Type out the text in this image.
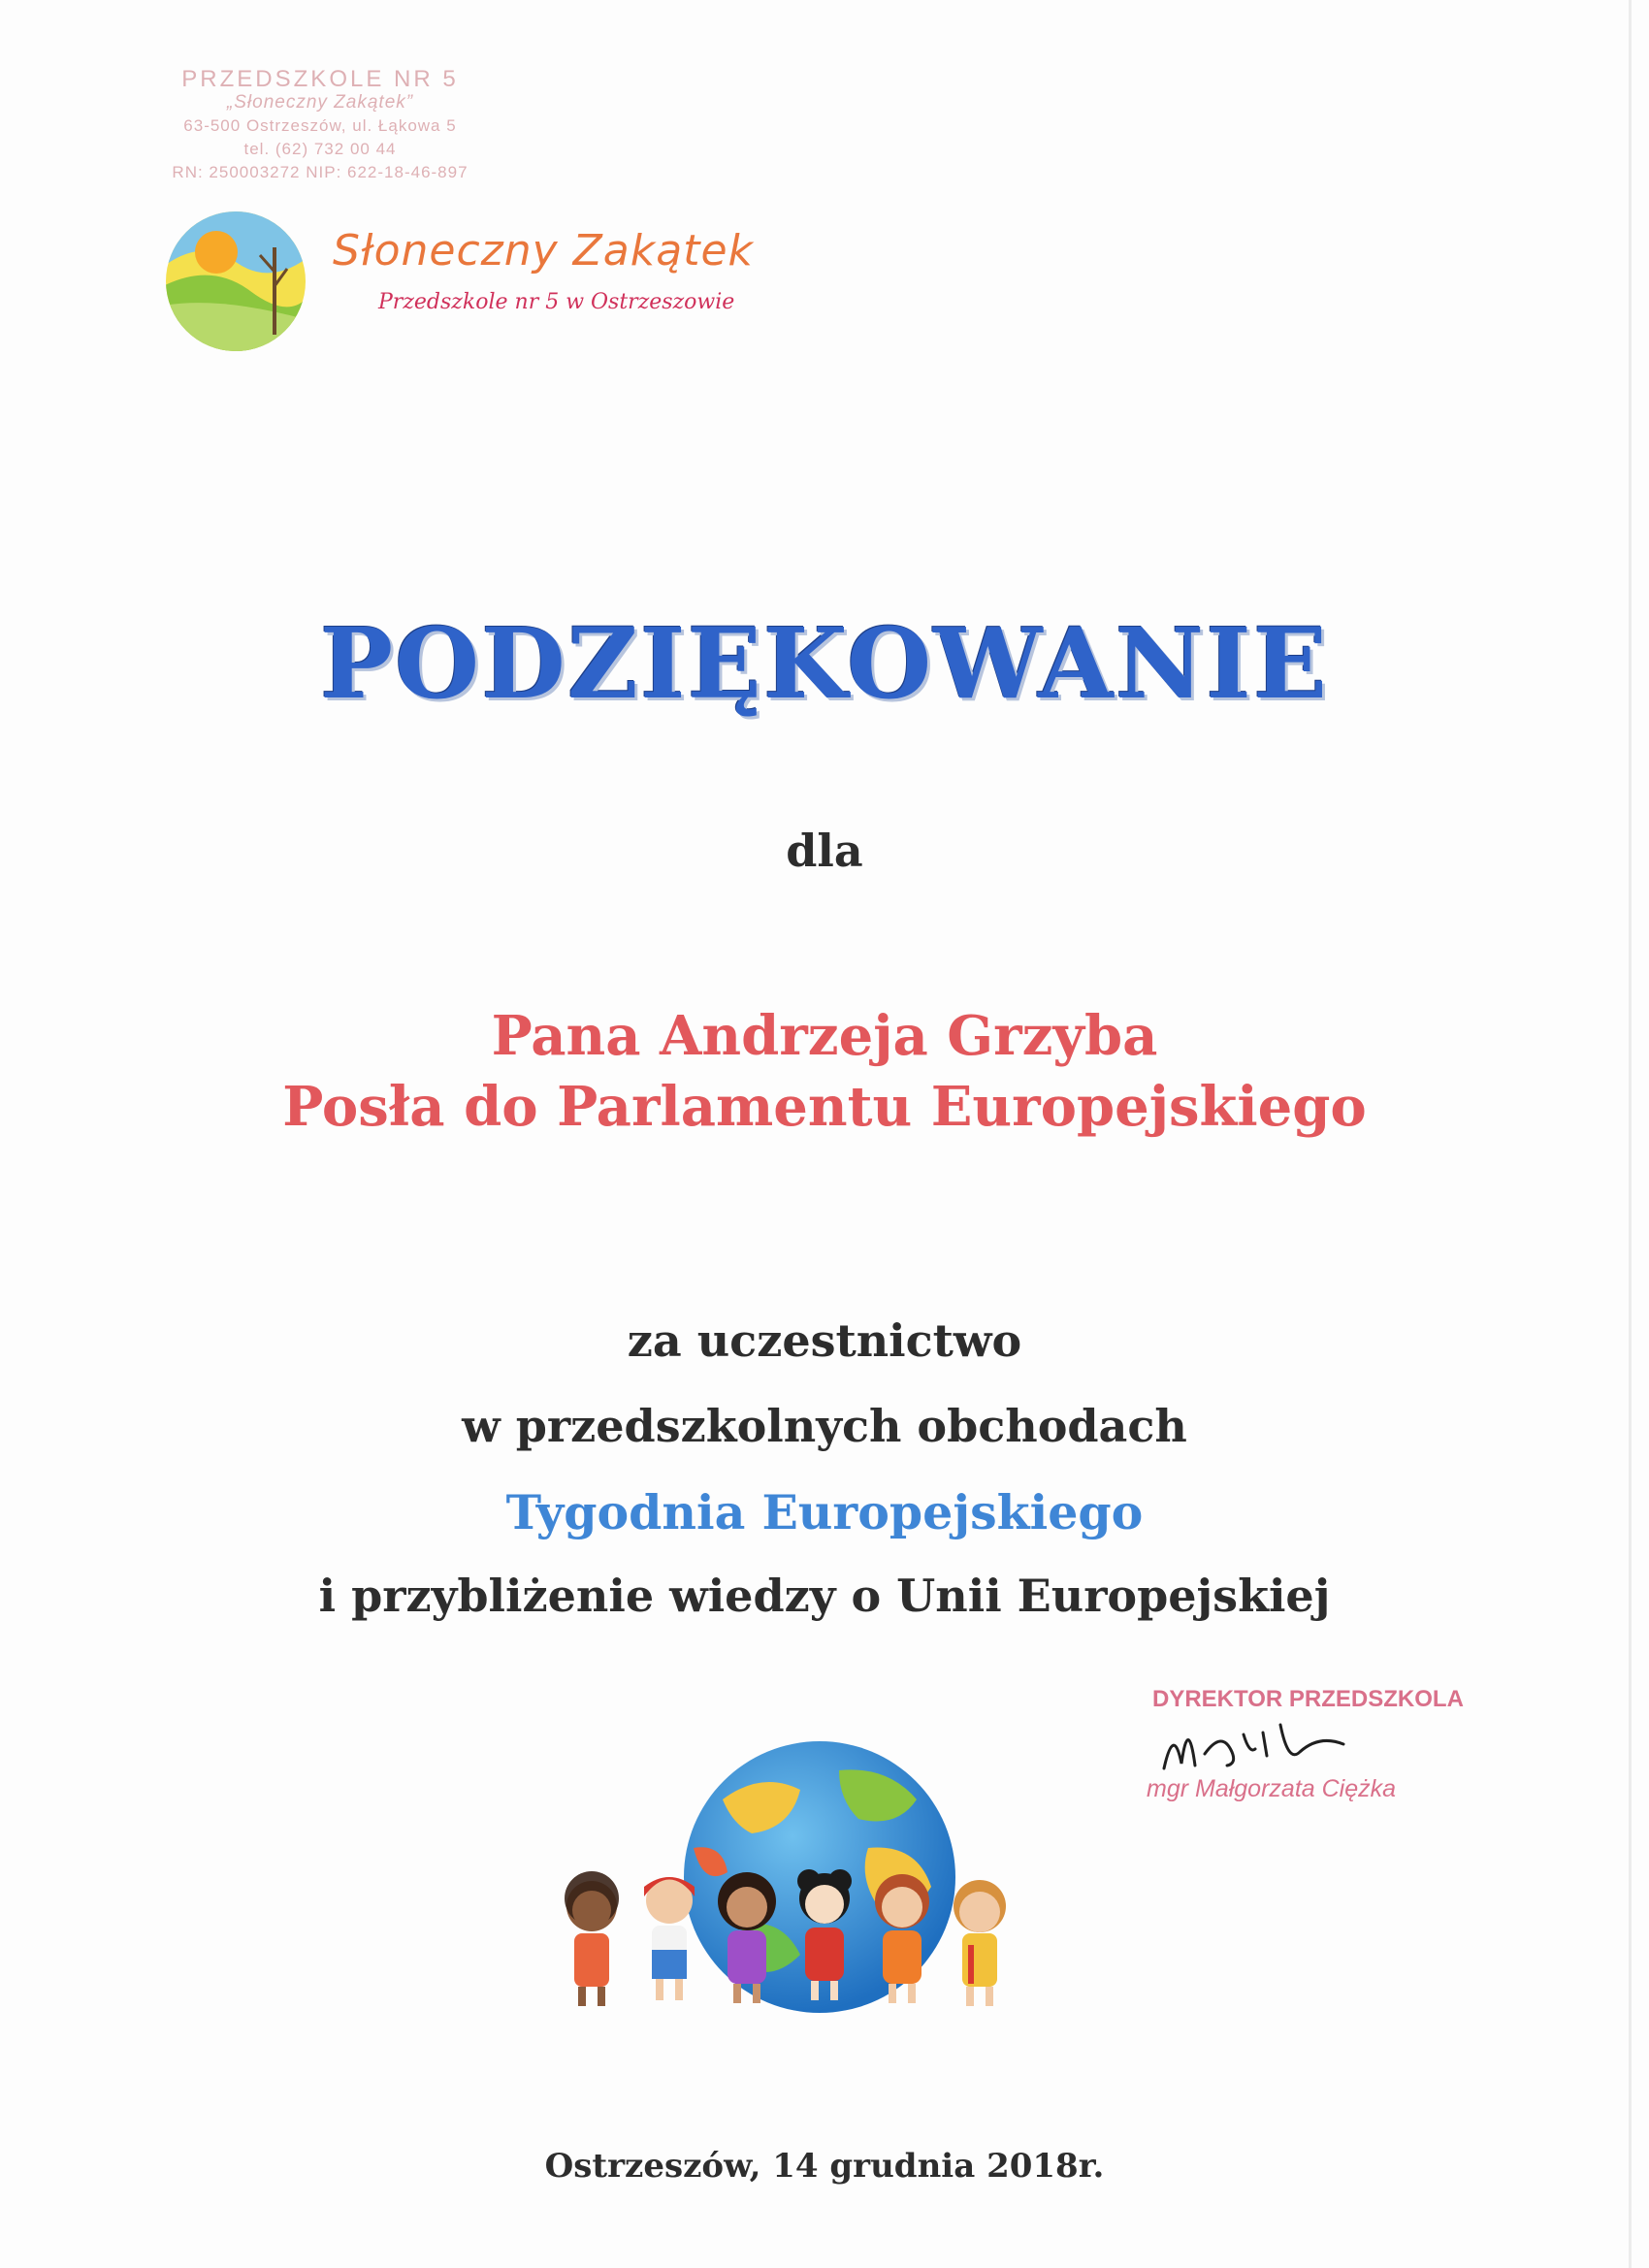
PRZEDSZKOLE NR 5
„Słoneczny Zakątek”
63-500 Ostrzeszów, ul. Łąkowa 5
tel. (62) 732 00 44
RN: 250003272 NIP: 622-18-46-897
Słoneczny Zakątek
Przedszkole nr 5 w Ostrzeszowie
PODZIĘKOWANIE
dla
Pana Andrzeja Grzyba
Posła do Parlamentu Europejskiego
za uczestnictwo
w przedszkolnych obchodach
Tygodnia Europejskiego
i przybliżenie wiedzy o Unii Europejskiej
DYREKTOR PRZEDSZKOLA
mgr Małgorzata Ciężka
Ostrzeszów, 14 grudnia 2018r.
